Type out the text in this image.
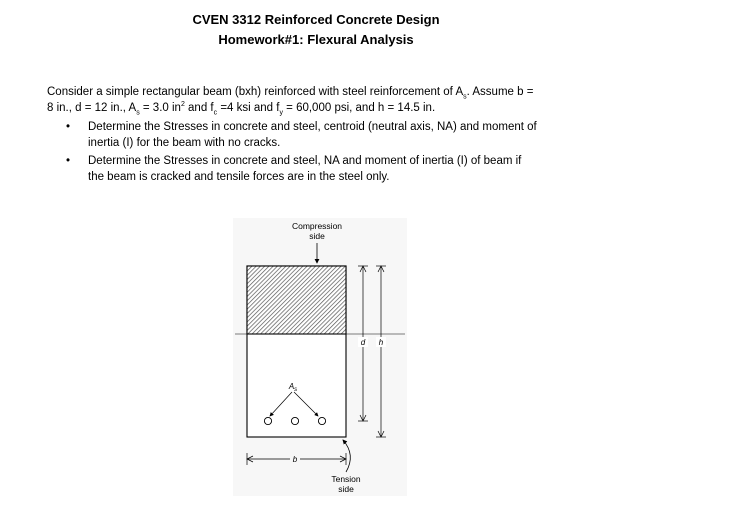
CVEN 3312 Reinforced Concrete Design
Homework#1: Flexural Analysis
Consider a simple rectangular beam (bxh) reinforced with steel reinforcement of $A_s$. Assume b =
8 in., d = 12 in., $A_s = 3.0$ $in^2$ and $f_c =4$ ksi and $f_y = 60,000$ psi, and h = 14.5 in.
• Determine the Stresses in concrete and steel, centroid (neutral axis, NA) and moment of
inertia (I) for the beam with no cracks.
• Determine the Stresses in concrete and steel, NA and moment of inertia (I) of beam if
the beam is cracked and tensile forces are in the steel only.
Compression
side
$A_s$
d h
b
Tension
side
